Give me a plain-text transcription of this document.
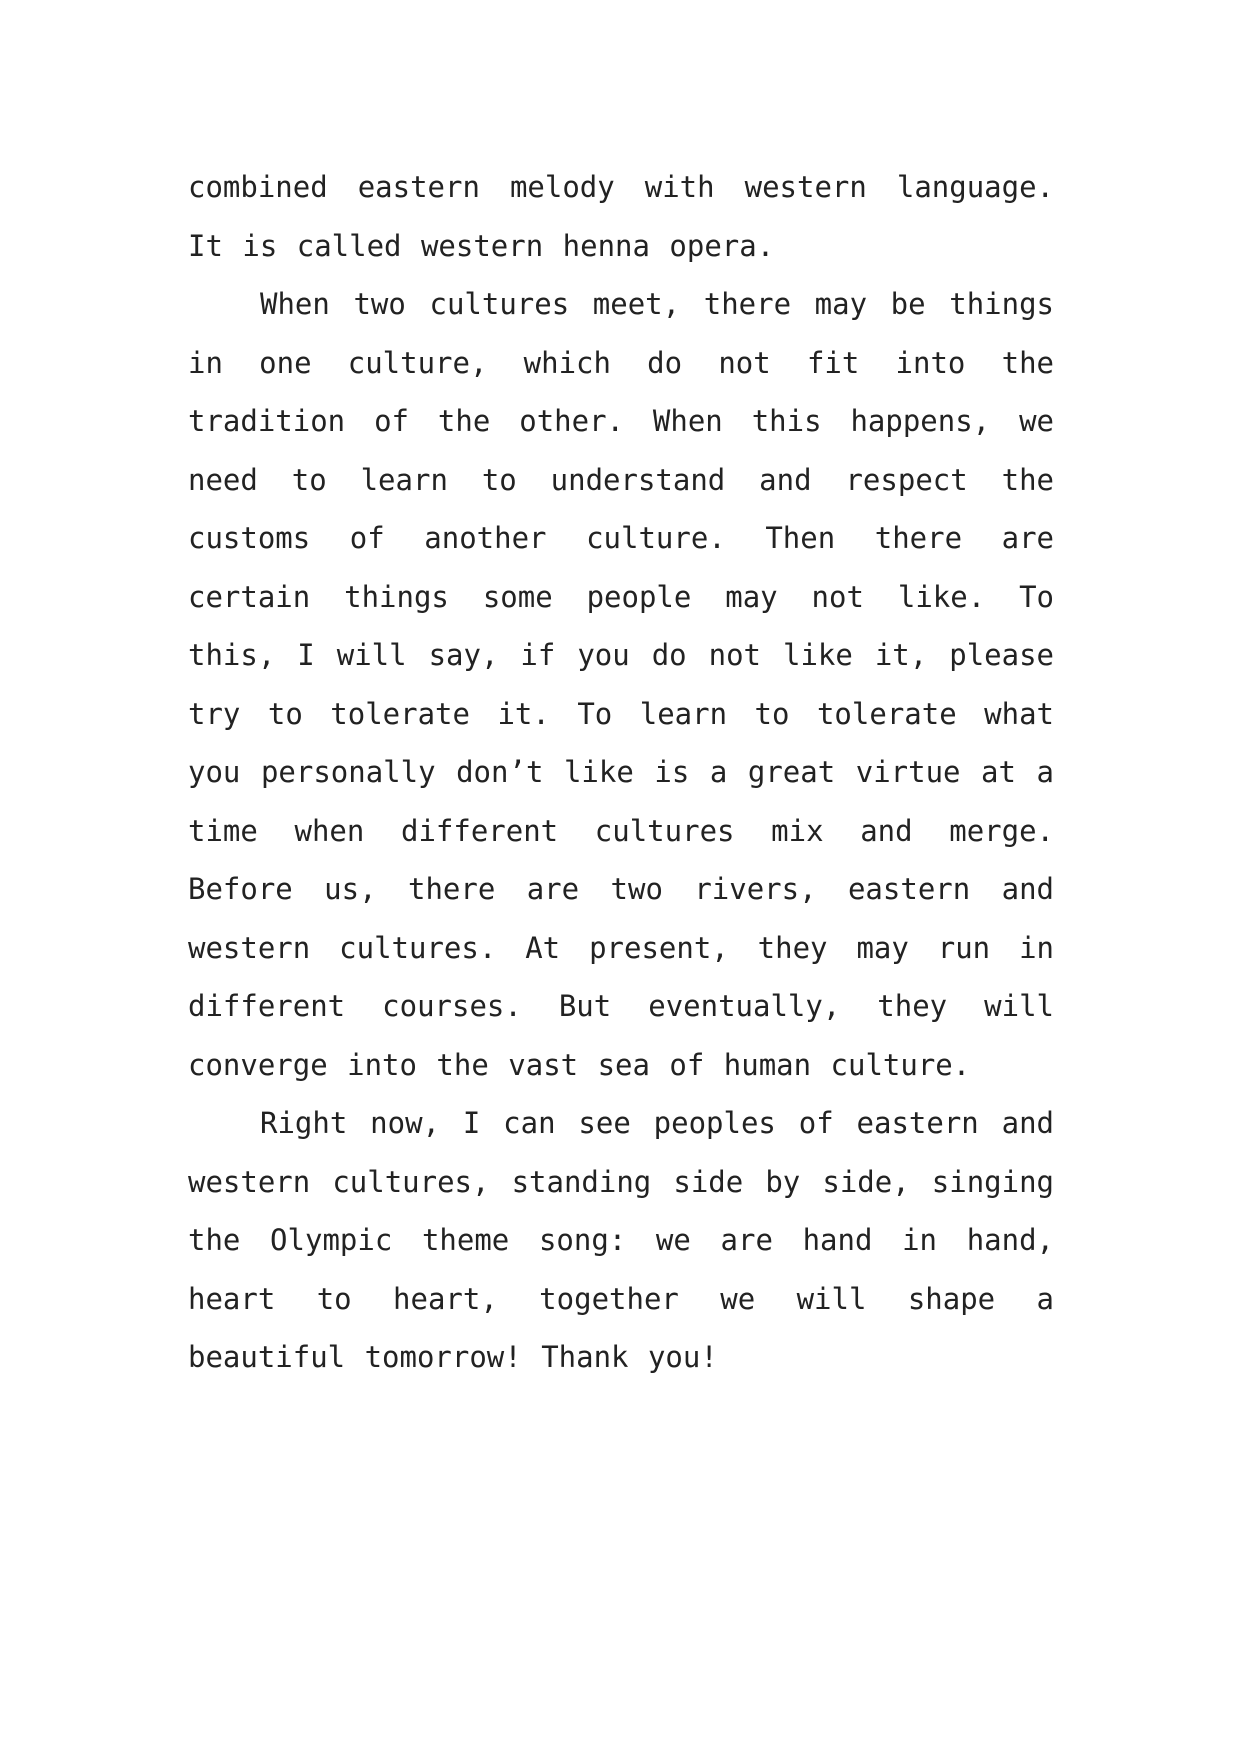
combined eastern melody with western language. It is called western henna opera.

When two cultures meet, there may be things in one culture, which do not fit into the tradition of the other. When this happens, we need to learn to understand and respect the customs of another culture. Then there are certain things some people may not like. To this, I will say, if you do not like it, please try to tolerate it. To learn to tolerate what you personally don’t like is a great virtue at a time when different cultures mix and merge. Before us, there are two rivers, eastern and western cultures. At present, they may run in different courses. But eventually, they will converge into the vast sea of human culture.

Right now, I can see peoples of eastern and western cultures, standing side by side, singing the Olympic theme song: we are hand in hand, heart to heart, together we will shape a beautiful tomorrow! Thank you!
